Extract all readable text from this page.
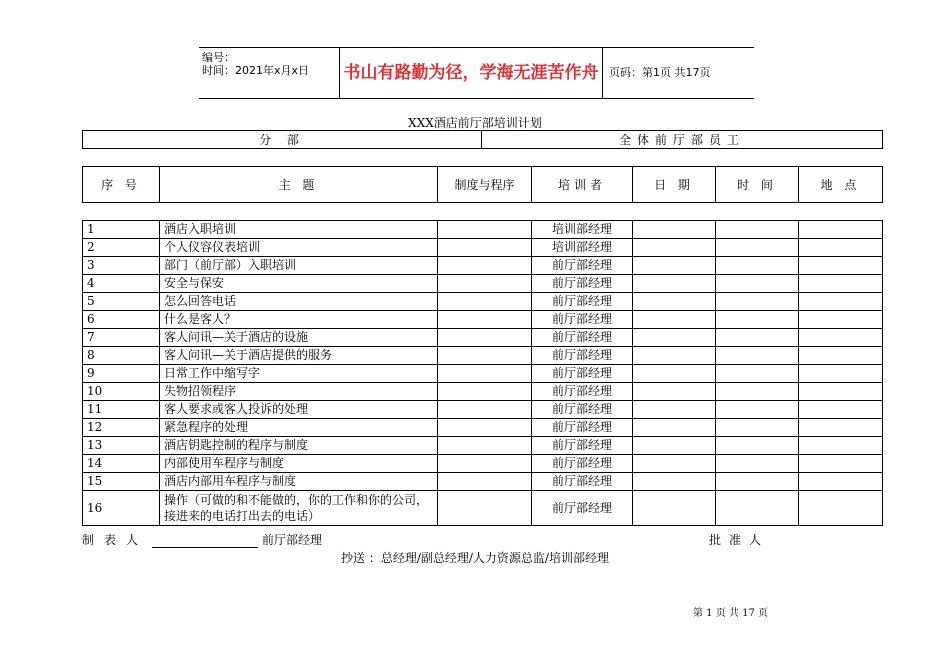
编号：
时间：2021年x月x日	书山有路勤为径，学海无涯苦作舟 页码：第1页 共17页
XXX酒店前厅部培训计划
分 部	全体前厅部员工
序 号	主 题	制度与程序	培训者	日 期	时 间	地 点
1	酒店入职培训		培训部经理			
2	个人仪容仪表培训		培训部经理			
3	部门（前厅部）入职培训		前厅部经理			
4	安全与保安		前厅部经理			
5	怎么回答电话		前厅部经理			
6	什么是客人？		前厅部经理			
7	客人问讯—关于酒店的设施		前厅部经理			
8	客人问讯—关于酒店提供的服务		前厅部经理			
9	日常工作中缩写字		前厅部经理			
10	失物招领程序		前厅部经理			
11	客人要求或客人投诉的处理		前厅部经理			
12	紧急程序的处理		前厅部经理			
13	酒店钥匙控制的程序与制度		前厅部经理			
14	内部使用车程序与制度		前厅部经理			
15	酒店内部用车程序与制度		前厅部经理			
16	操作（可做的和不能做的，你的工作和你的公司，接进来的电话打出去的电话）		前厅部经理			
制表人	前厅部经理	批准人
抄送 ：总经理/副总经理/人力资源总监/培训部经理
第 1 页 共 17 页
